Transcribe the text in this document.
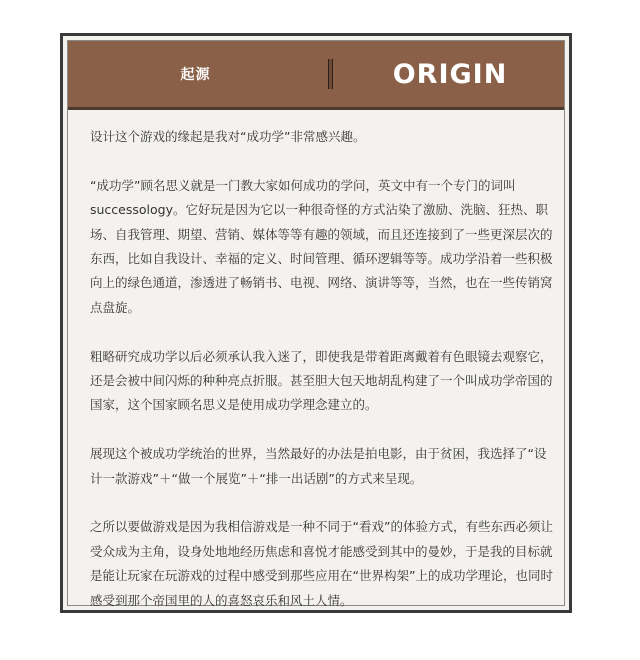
起源	ORIGIN

设计这个游戏的缘起是我对“成功学”非常感兴趣。

“成功学”顾名思义就是一门教大家如何成功的学问，英文中有一个专门的词叫successology。它好玩是因为它以一种很奇怪的方式沾染了激励、洗脑、狂热、职场、自我管理、期望、营销、媒体等等有趣的领域，而且还连接到了一些更深层次的东西，比如自我设计、幸福的定义、时间管理、循环逻辑等等。成功学沿着一些积极向上的绿色通道，渗透进了畅销书、电视、网络、演讲等等，当然，也在一些传销窝点盘旋。

粗略研究成功学以后必须承认我入迷了，即使我是带着距离戴着有色眼镜去观察它，还是会被中间闪烁的种种亮点折服。甚至胆大包天地胡乱构建了一个叫成功学帝国的国家，这个国家顾名思义是使用成功学理念建立的。

展现这个被成功学统治的世界，当然最好的办法是拍电影，由于贫困，我选择了“设计一款游戏”＋“做一个展览”＋“排一出话剧”的方式来呈现。

之所以要做游戏是因为我相信游戏是一种不同于“看戏”的体验方式，有些东西必须让受众成为主角，设身处地地经历焦虑和喜悦才能感受到其中的曼妙，于是我的目标就是能让玩家在玩游戏的过程中感受到那些应用在“世界构架”上的成功学理论，也同时感受到那个帝国里的人的喜怒哀乐和风土人情。
